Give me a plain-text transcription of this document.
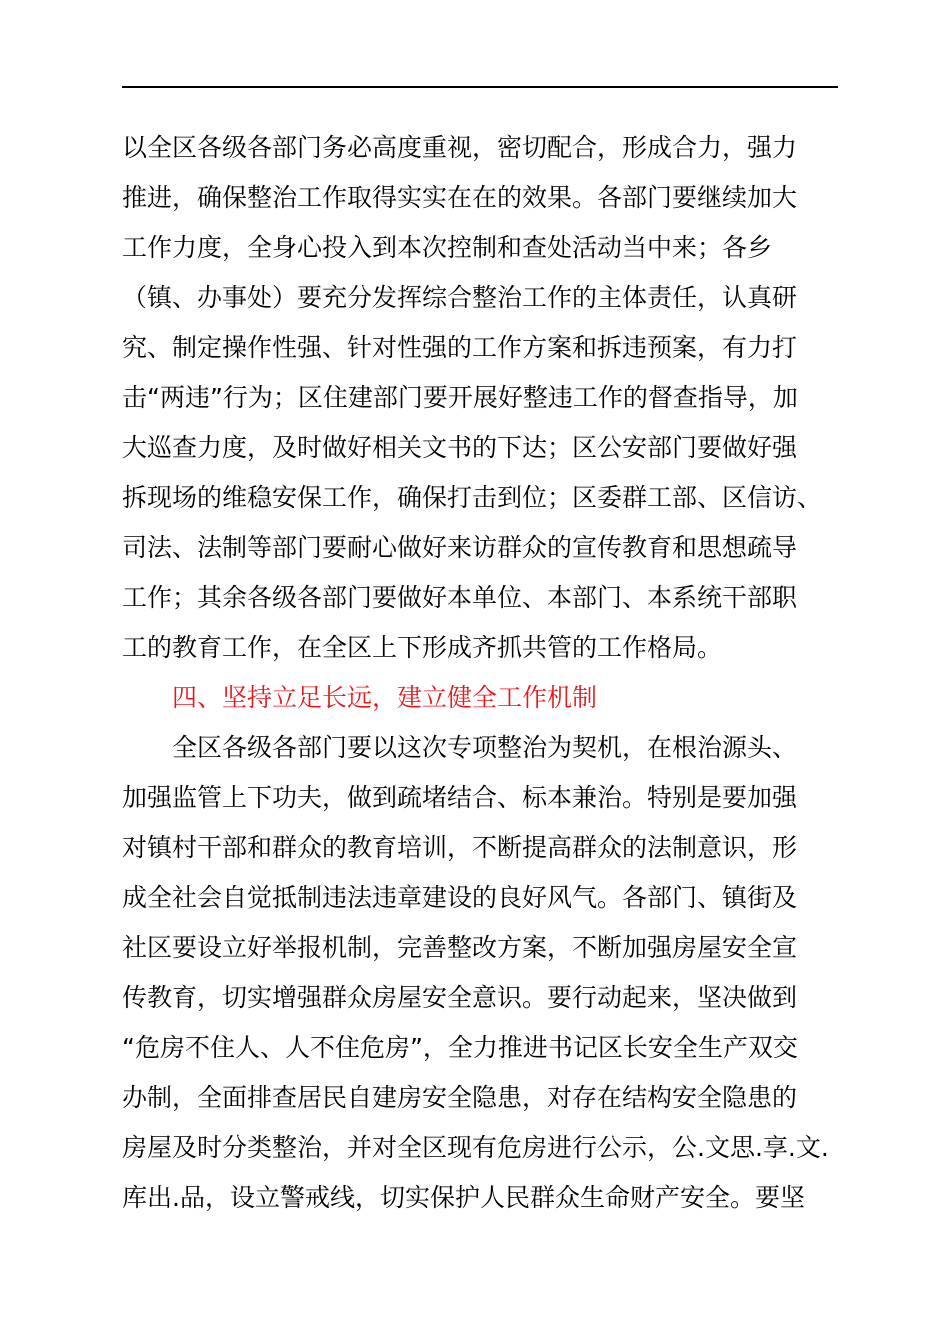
以全区各级各部门务必高度重视，密切配合，形成合力，强力
推进，确保整治工作取得实实在在的效果。各部门要继续加大
工作力度，全身心投入到本次控制和查处活动当中来；各乡
（镇、办事处）要充分发挥综合整治工作的主体责任，认真研
究、制定操作性强、针对性强的工作方案和拆违预案，有力打
击“两违”行为；区住建部门要开展好整违工作的督查指导，加
大巡查力度，及时做好相关文书的下达；区公安部门要做好强
拆现场的维稳安保工作，确保打击到位；区委群工部、区信访、
司法、法制等部门要耐心做好来访群众的宣传教育和思想疏导
工作；其余各级各部门要做好本单位、本部门、本系统干部职
工的教育工作，在全区上下形成齐抓共管的工作格局。
四、坚持立足长远，建立健全工作机制
全区各级各部门要以这次专项整治为契机，在根治源头、
加强监管上下功夫，做到疏堵结合、标本兼治。特别是要加强
对镇村干部和群众的教育培训，不断提高群众的法制意识，形
成全社会自觉抵制违法违章建设的良好风气。各部门、镇街及
社区要设立好举报机制，完善整改方案，不断加强房屋安全宣
传教育，切实增强群众房屋安全意识。要行动起来，坚决做到
“危房不住人、人不住危房”，全力推进书记区长安全生产双交
办制，全面排查居民自建房安全隐患，对存在结构安全隐患的
房屋及时分类整治，并对全区现有危房进行公示，公.文思.享.文.
库出.品，设立警戒线，切实保护人民群众生命财产安全。要坚
